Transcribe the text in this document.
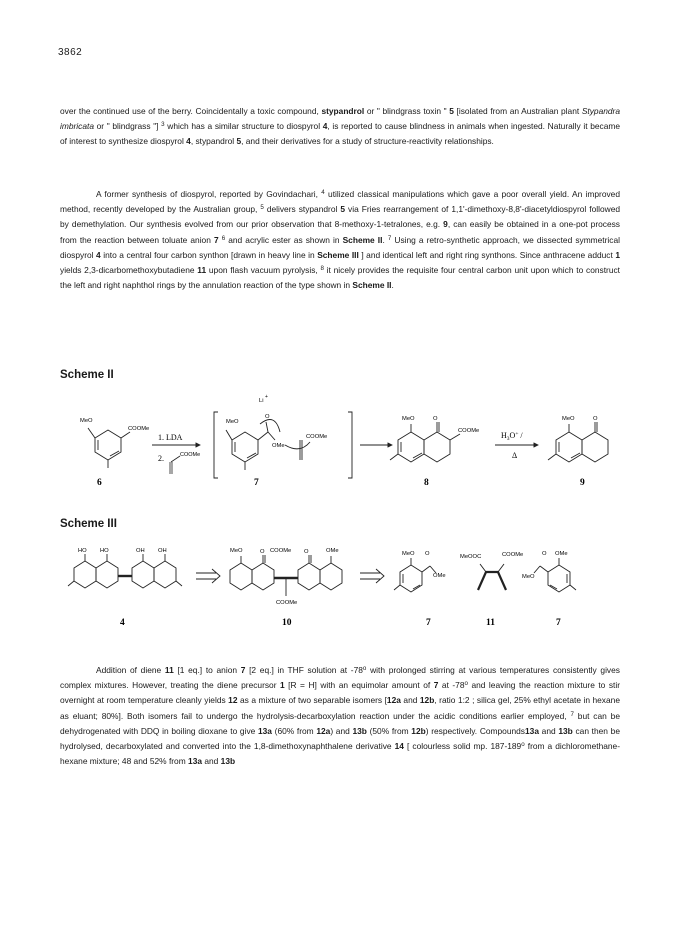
3862

over the continued use of the berry. Coincidentally a toxic compound, stypandrol or " blindgrass toxin " 5 [isolated from an Australian plant Stypandra imbricata or " blindgrass "] $^3$ which has a similar structure to diospyrol 4, is reported to cause blindness in animals when ingested. Naturally it became of interest to synthesize diospyrol 4, stypandrol 5, and their derivatives for a study of structure-reactivity relationships.

A former synthesis of diospyrol, reported by Govindachari, $^4$ utilized classical manipulations which gave a poor overall yield. An improved method, recently developed by the Australian group, $^5$ delivers stypandrol 5 via Fries rearrangement of 1,1'-dimethoxy-8,8'-diacetyldiospyrol followed by demethylation. Our synthesis evolved from our prior observation that 8-methoxy-1-tetralones, e.g. 9, can easily be obtained in a one-pot process from the reaction between toluate anion 7 $^6$ and acrylic ester as shown in Scheme II. $^7$ Using a retro-synthetic approach, we dissected symmetrical diospyrol 4 into a central four carbon synthon [drawn in heavy line in Scheme III ] and identical left and right ring synthons. Since anthracene adduct 1 yields 2,3-dicarbomethoxybutadiene 11 upon flash vacuum pyrolysis, $^8$ it nicely provides the requisite four central carbon unit upon which to construct the left and right naphthol rings by the annulation reaction of the type shown in Scheme II.

Scheme II
MeO
COOMe
6
1. LDA
2.	COOMe
MeO
O
Li
+
OMe
COOMe
7
MeO	O
COOMe
8
$H_3O^+$ /
Δ
MeO	O
9
Scheme III
HO HO	OH OH
4
MeO	O COOMe O	OMe
COOMe
10
MeO O
OMe
7
MeOOC	COOMe
11
O OMe
MeO
7

Addition of diene 11 [1 eq.] to anion 7 [2 eq.] in THF solution at -78$^o$ with prolonged stirring at various temperatures consistently gives complex mixtures. However, treating the diene precursor 1 [R = H] with an equimolar amount of 7 at -78$^o$ and leaving the reaction mixture to stir overnight at room temperature cleanly yields 12 as a mixture of two separable isomers [12a and 12b, ratio 1:2 ; silica gel, 25% ethyl acetate in hexane as eluant; 80%]. Both isomers fail to undergo the hydrolysis-decarboxylation reaction under the acidic conditions earlier employed, $^7$ but can be dehydrogenated with DDQ in boiling dioxane to give 13a (60% from 12a) and 13b (50% from 12b) respectively. Compounds13a and 13b can then be hydrolysed, decarboxylated and converted into the 1,8-dimethoxynaphthalene derivative 14 [ colourless solid mp. 187-189$^o$ from a dichloromethane-hexane mixture; 48 and 52% from 13a and 13b
